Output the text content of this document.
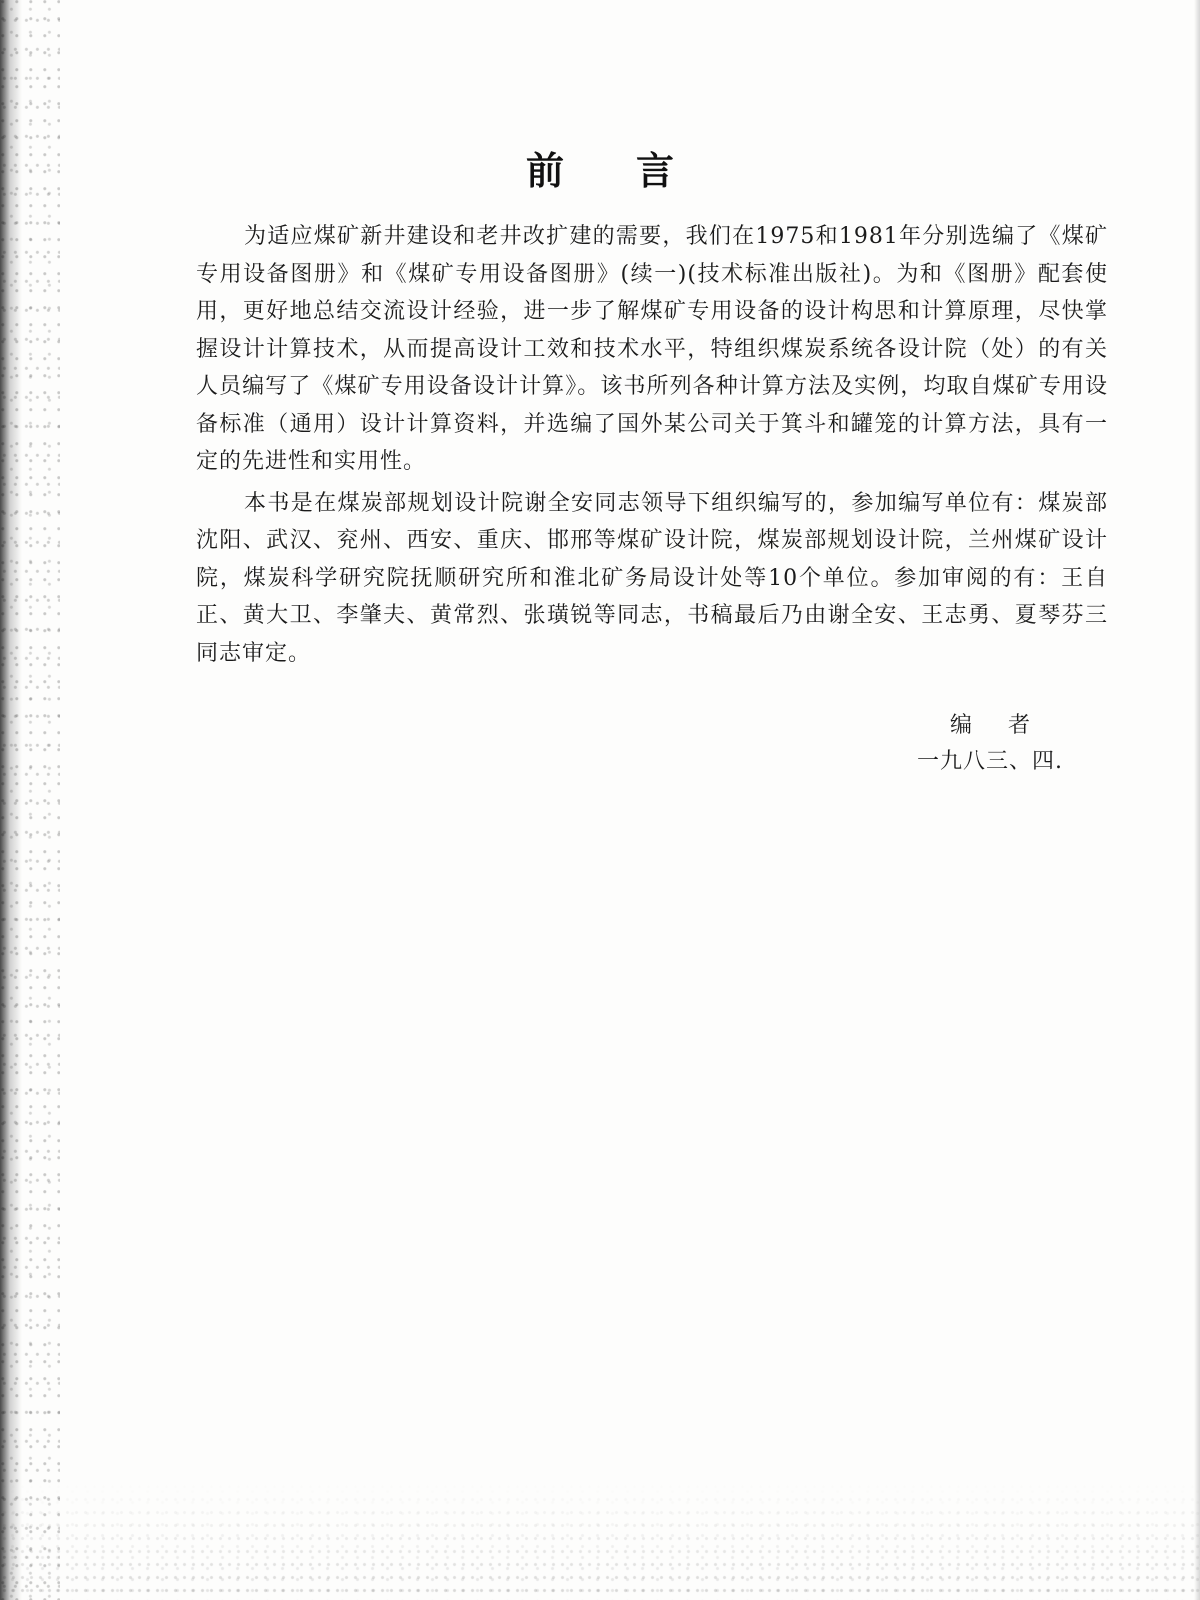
前言

为适应煤矿新井建设和老井改扩建的需要，我们在1975和1981年分别选编了《煤矿专用设备图册》和《煤矿专用设备图册》(续一)(技术标准出版社)。为和《图册》配套使用，更好地总结交流设计经验，进一步了解煤矿专用设备的设计构思和计算原理，尽快掌握设计计算技术，从而提高设计工效和技术水平，特组织煤炭系统各设计院（处）的有关人员编写了《煤矿专用设备设计计算》。该书所列各种计算方法及实例，均取自煤矿专用设备标准（通用）设计计算资料，并选编了国外某公司关于箕斗和罐笼的计算方法，具有一定的先进性和实用性。

本书是在煤炭部规划设计院谢全安同志领导下组织编写的，参加编写单位有：煤炭部沈阳、武汉、兖州、西安、重庆、邯邢等煤矿设计院，煤炭部规划设计院，兰州煤矿设计院，煤炭科学研究院抚顺研究所和淮北矿务局设计处等10个单位。参加审阅的有：王自正、黄大卫、李肇夫、黄常烈、张璜锐等同志，书稿最后乃由谢全安、王志勇、夏琴芬三同志审定。

编者
一九八三、四.
